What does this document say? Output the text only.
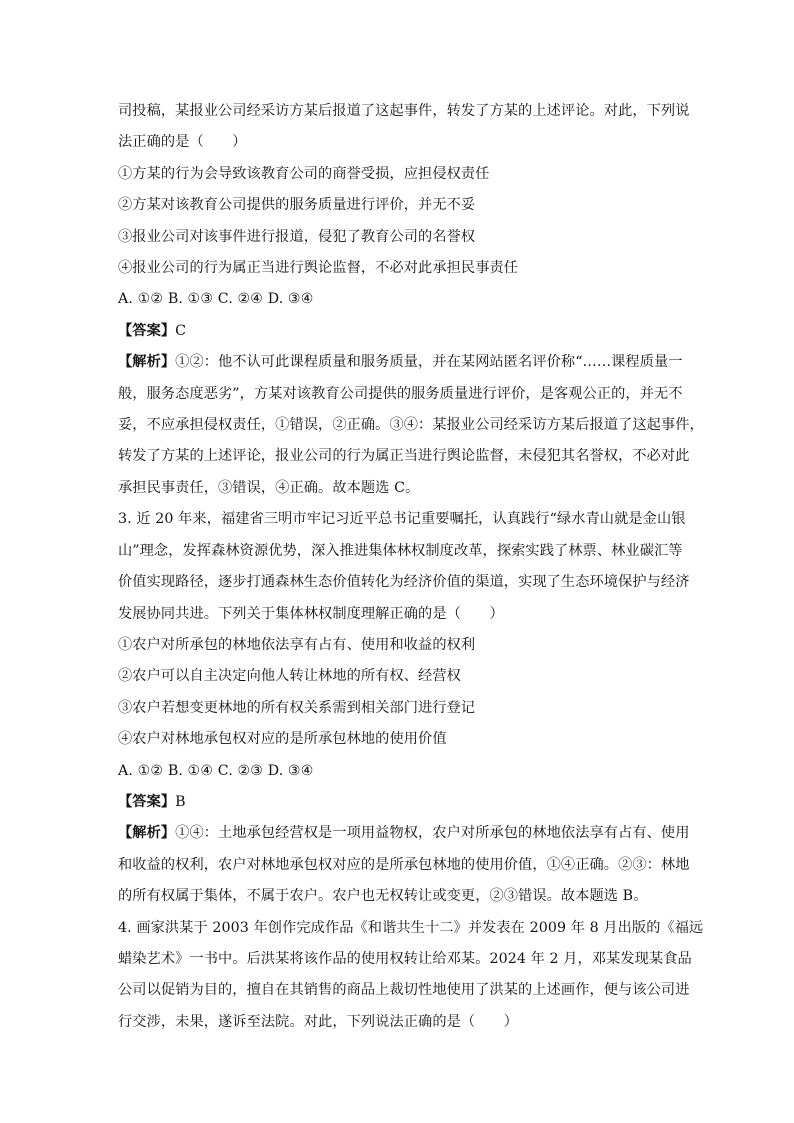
司投稿，某报业公司经采访方某后报道了这起事件，转发了方某的上述评论。对此，下列说
法正确的是（　　）
①方某的行为会导致该教育公司的商誉受损，应担侵权责任
②方某对该教育公司提供的服务质量进行评价，并无不妥
③报业公司对该事件进行报道，侵犯了教育公司的名誉权
④报业公司的行为属正当进行舆论监督，不必对此承担民事责任
A. ①② B. ①③ C. ②④ D. ③④
【答案】C
【解析】①②：他不认可此课程质量和服务质量，并在某网站匿名评价称“……课程质量一
般，服务态度恶劣”，方某对该教育公司提供的服务质量进行评价，是客观公正的，并无不
妥，不应承担侵权责任，①错误，②正确。③④：某报业公司经采访方某后报道了这起事件，
转发了方某的上述评论，报业公司的行为属正当进行舆论监督，未侵犯其名誉权，不必对此
承担民事责任，③错误，④正确。故本题选 C。
3. 近 20 年来，福建省三明市牢记习近平总书记重要嘱托，认真践行“绿水青山就是金山银
山”理念，发挥森林资源优势，深入推进集体林权制度改革，探索实践了林票、林业碳汇等
价值实现路径，逐步打通森林生态价值转化为经济价值的渠道，实现了生态环境保护与经济
发展协同共进。下列关于集体林权制度理解正确的是（　　）
①农户对所承包的林地依法享有占有、使用和收益的权利
②农户可以自主决定向他人转让林地的所有权、经营权
③农户若想变更林地的所有权关系需到相关部门进行登记
④农户对林地承包权对应的是所承包林地的使用价值
A. ①② B. ①④ C. ②③ D. ③④
【答案】B
【解析】①④：土地承包经营权是一项用益物权，农户对所承包的林地依法享有占有、使用
和收益的权利，农户对林地承包权对应的是所承包林地的使用价值，①④正确。②③：林地
的所有权属于集体，不属于农户。农户也无权转让或变更，②③错误。故本题选 B。
4. 画家洪某于 2003 年创作完成作品《和谐共生十二》并发表在 2009 年 8 月出版的《福远
蜡染艺术》一书中。后洪某将该作品的使用权转让给邓某。2024 年 2 月，邓某发现某食品
公司以促销为目的，擅自在其销售的商品上裁切性地使用了洪某的上述画作，便与该公司进
行交涉，未果，遂诉至法院。对此，下列说法正确的是（　　）
